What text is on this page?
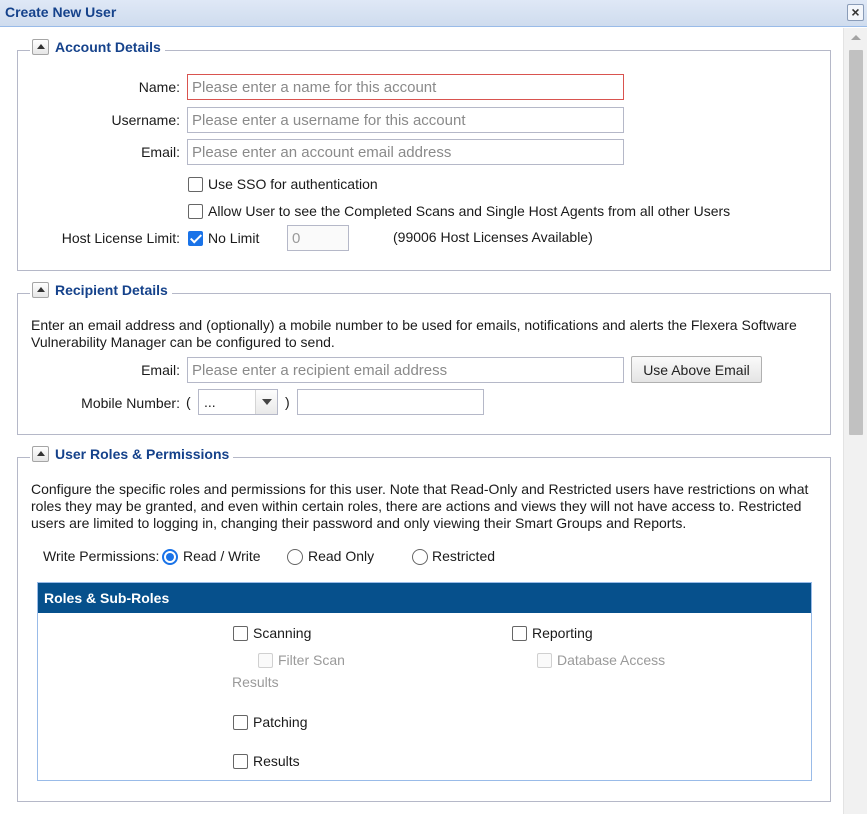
Create New User	×
Account Details
Name:
Please enter a name for this account
Username:
Please enter a username for this account
Email:
Please enter an account email address
Use SSO for authentication
Allow User to see the Completed Scans and Single Host Agents from all other Users
Host License Limit: No Limit
0	(99006 Host Licenses Available)
Recipient Details
Enter an email address and (optionally) a mobile number to be used for emails, notifications and alerts the Flexera Software Vulnerability Manager can be configured to send.
Email:
Please enter a recipient email address	Use Above Email
Mobile Number: ( ...	)
User Roles & Permissions
Configure the specific roles and permissions for this user. Note that Read-Only and Restricted users have restrictions on what roles they may be granted, and even within certain roles, there are actions and views they will not have access to. Restricted users are limited to logging in, changing their password and only viewing their Smart Groups and Reports.
Write Permissions: Read / Write	Read Only	Restricted
Roles & Sub-Roles
Scanning
Filter Scan
Results
Reporting
Database Access
Patching
Results
